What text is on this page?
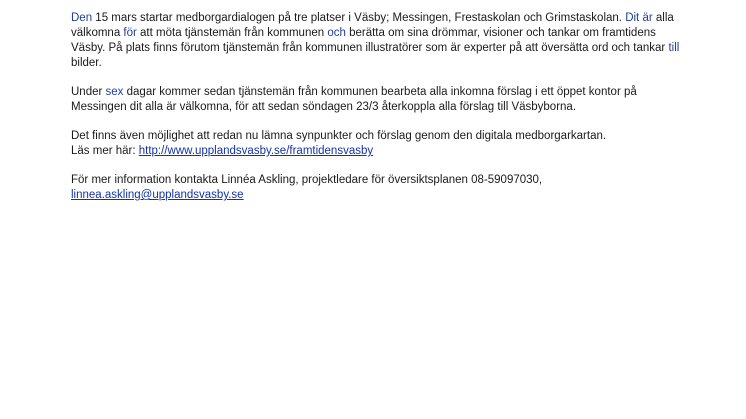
Den 15 mars startar medborgardialogen på tre platser i Väsby; Messingen, Frestaskolan och Grimstaskolan. Dit är alla välkomna för att möta tjänstemän från kommunen och berätta om sina drömmar, visioner och tankar om framtidens Väsby. På plats finns förutom tjänstemän från kommunen illustratörer som är experter på att översätta ord och tankar till bilder.

Under sex dagar kommer sedan tjänstemän från kommunen bearbeta alla inkomna förslag i ett öppet kontor på Messingen dit alla är välkomna, för att sedan söndagen 23/3 återkoppla alla förslag till Väsbyborna.

Det finns även möjlighet att redan nu lämna synpunkter och förslag genom den digitala medborgarkartan.
Läs mer här: http://www.upplandsvasby.se/framtidensvasby

För mer information kontakta Linnéa Askling, projektledare för översiktsplanen 08-59097030,
linnea.askling@upplandsvasby.se
